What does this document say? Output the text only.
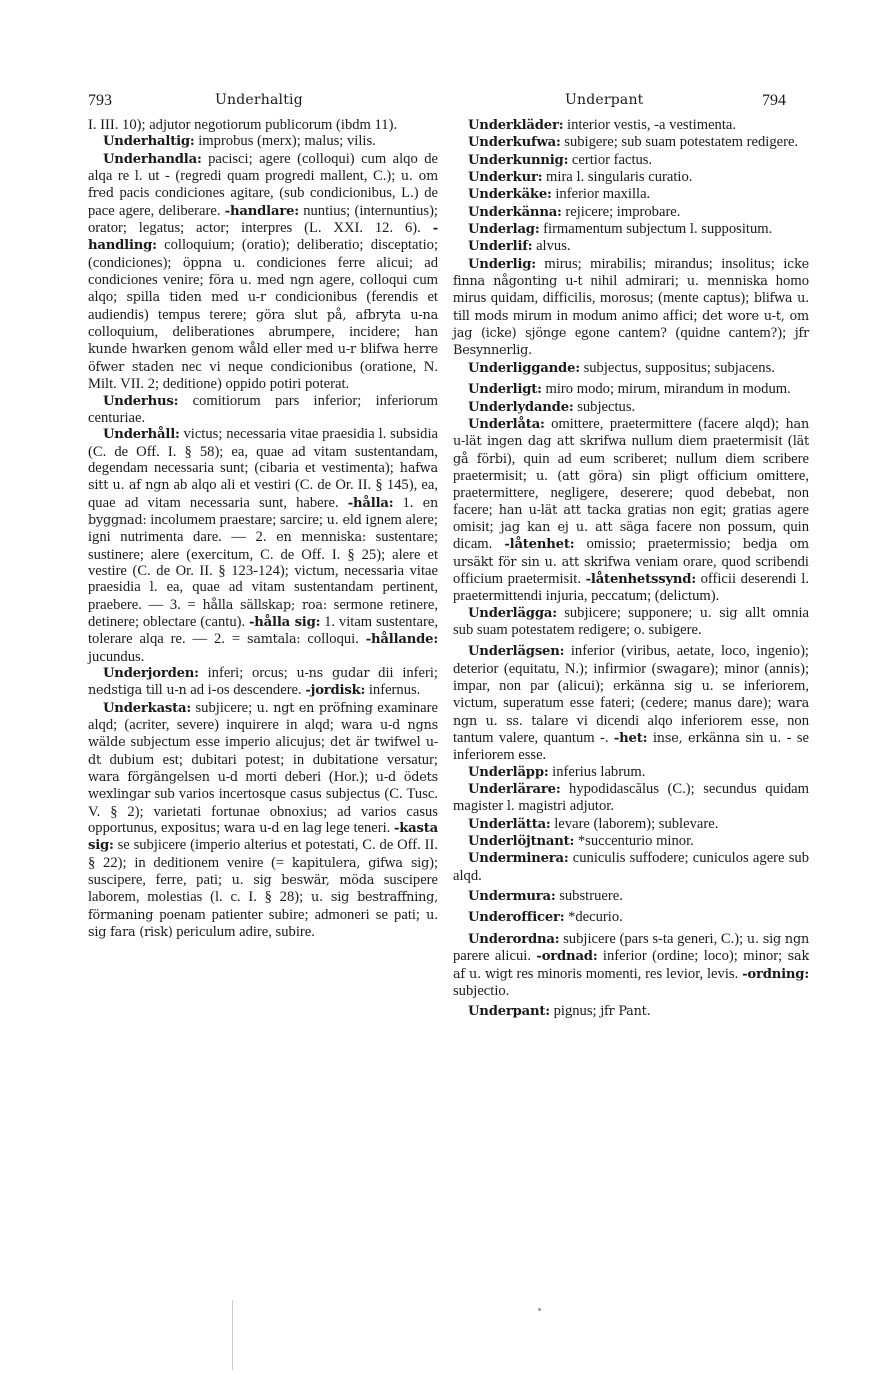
793	Underhaltig	Underpant	794

I. III. 10); adjutor negotiorum publicorum (ibdm 11).

Underhaltig: improbus (merx); malus; vilis.

Underhandla: pacisci; agere (colloqui) cum alqo de alqa re l. ut - (regredi quam progredi mallent, C.); u. om fred pacis condiciones agitare, (sub condicionibus, L.) de pace agere, deliberare. -handlare: nuntius; (internuntius); orator; legatus; actor; interpres (L. XXI. 12. 6). -handling: colloquium; (oratio); deliberatio; disceptatio; (condiciones); öppna u. condiciones ferre alicui; ad condiciones venire; föra u. med ngn agere, colloqui cum alqo; spilla tiden med u-r condicionibus (ferendis et audiendis) tempus terere; göra slut på, afbryta u-na colloquium, deliberationes abrumpere, incidere; han kunde hwarken genom wåld eller med u-r blifwa herre öfwer staden nec vi neque condicionibus (oratione, N. Milt. VII. 2; deditione) oppido potiri poterat.

Underhus: comitiorum pars inferior; inferiorum centuriae.

Underhåll: victus; necessaria vitae praesidia l. subsidia (C. de Off. I. § 58); ea, quae ad vitam sustentandam, degendam necessaria sunt; (cibaria et vestimenta); hafwa sitt u. af ngn ab alqo ali et vestiri (C. de Or. II. § 145), ea, quae ad vitam necessaria sunt, habere. -hålla: 1. en byggnad: incolumem praestare; sarcire; u. eld ignem alere; igni nutrimenta dare. — 2. en menniska: sustentare; sustinere; alere (exercitum, C. de Off. I. § 25); alere et vestire (C. de Or. II. § 123-124); victum, necessaria vitae praesidia l. ea, quae ad vitam sustentandam pertinent, praebere. — 3. = hålla sällskap; roa: sermone retinere, detinere; oblectare (cantu). -hålla sig: 1. vitam sustentare, tolerare alqa re. — 2. = samtala: colloqui. -hållande: jucundus.

Underjorden: inferi; orcus; u-ns gudar dii inferi; nedstiga till u-n ad i-os descendere. -jordisk: infernus.

Underkasta: subjicere; u. ngt en pröfning examinare alqd; (acriter, severe) inquirere in alqd; wara u-d ngns wälde subjectum esse imperio alicujus; det är twifwel u-dt dubium est; dubitari potest; in dubitatione versatur; wara förgängelsen u-d morti deberi (Hor.); u-d ödets wexlingar sub varios incertosque casus subjectus (C. Tusc. V. § 2); varietati fortunae obnoxius; ad varios casus opportunus, expositus; wara u-d en lag lege teneri. -kasta sig: se subjicere (imperio alterius et potestati, C. de Off. II. § 22); in deditionem venire (= kapitulera, gifwa sig); suscipere, ferre, pati; u. sig beswär, möda suscipere laborem, molestias (l. c. I. § 28); u. sig bestraffning, förmaning poenam patienter subire; admoneri se pati; u. sig fara (risk) periculum adire, subire.

Underkläder: interior vestis, -a vestimenta.

Underkufwa: subigere; sub suam potestatem redigere.

Underkunnig: certior factus.

Underkur: mira l. singularis curatio.

Underkäke: inferior maxilla.

Underkänna: rejicere; improbare.

Underlag: firmamentum subjectum l. suppositum.

Underlif: alvus.

Underlig: mirus; mirabilis; mirandus; insolitus; icke finna någonting u-t nihil admirari; u. menniska homo mirus quidam, difficilis, morosus; (mente captus); blifwa u. till mods mirum in modum animo affici; det wore u-t, om jag (icke) sjönge egone cantem? (quidne cantem?); jfr Besynnerlig.

Underliggande: subjectus, suppositus; subjacens.

Underligt: miro modo; mirum, mirandum in modum.

Underlydande: subjectus.

Underlåta: omittere, praetermittere (facere alqd); han u-lät ingen dag att skrifwa nullum diem praetermisit (lät gå förbi), quin ad eum scriberet; nullum diem scribere praetermisit; u. (att göra) sin pligt officium omittere, praetermittere, negligere, deserere; quod debebat, non facere; han u-lät att tacka gratias non egit; gratias agere omisit; jag kan ej u. att säga facere non possum, quin dicam. -låtenhet: omissio; praetermissio; bedja om ursäkt för sin u. att skrifwa veniam orare, quod scribendi officium praetermisit. -låtenhetssynd: officii deserendi l. praetermittendi injuria, peccatum; (delictum).

Underlägga: subjicere; supponere; u. sig allt omnia sub suam potestatem redigere; o. subigere.

Underlägsen: inferior (viribus, aetate, loco, ingenio); deterior (equitatu, N.); infirmior (swagare); minor (annis); impar, non par (alicui); erkänna sig u. se inferiorem, victum, superatum esse fateri; (cedere; manus dare); wara ngn u. ss. talare vi dicendi alqo inferiorem esse, non tantum valere, quantum -. -het: inse, erkänna sin u. - se inferiorem esse.

Underläpp: inferius labrum.

Underlärare: hypodidascălus (C.); secundus quidam magister l. magistri adjutor.

Underlätta: levare (laborem); sublevare.

Underlöjtnant: *succenturio minor.

Underminera: cuniculis suffodere; cuniculos agere sub alqd.

Undermura: substruere.

Underofficer: *decurio.

Underordna: subjicere (pars s-ta generi, C.); u. sig ngn parere alicui. -ordnad: inferior (ordine; loco); minor; sak af u. wigt res minoris momenti, res levior, levis. -ordning: subjectio.

Underpant: pignus; jfr Pant.
